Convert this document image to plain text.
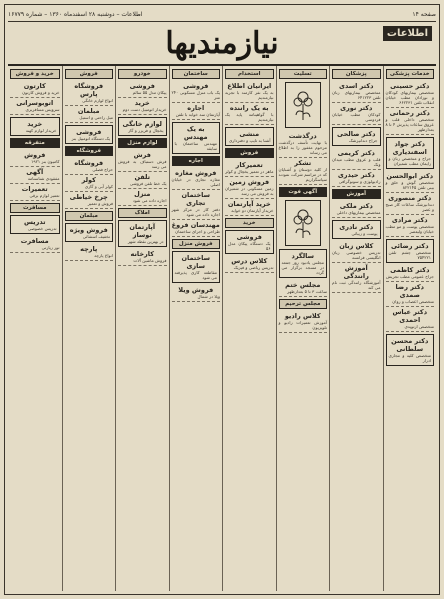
صفحه ۱۴
اطلاعات – دوشنبه ۲۸ اسفندماه ۱۳۶۰ – شماره ۱۶۷۷۹
اطلاعات
نیازمندیها
خدمات پزشکی
دکتر حسینی
متخصص بیماریهای کودکان و نوزادان مطب خیابان انقلاب تلفن ۶۶۲۲۳۱
دکتر رحمانی
متخصص داخلی قلب و عروق ساعات پذیرش ۴ تا ۸ بعدازظهر
دکتر جواد اسفندیاری
جراح و متخصص زنان و زایمان مطب شمیران
دکتر ابوالحسن
متخصص گوش و حلق و بینی تلفن ۸۲۲۱۴۵
دکتر منصوری
دندانپزشک ساعات کار صبح و عصر
دکتر مرادی
متخصص پوست و مو مطب خیابان ولیعصر
دکتر رضائی
متخصص چشم تلفن ۷۵۴۲۲۱
دکتر کاظمی
جراح عمومی مطب تجریش
دکتر رضا صمدی
متخصص اعصاب و روان
دکتر عباس احمدی
متخصص ارتوپدی
دکتر محسن سلطانی
متخصص کلیه و مجاری ادرار
پزشکان
دکتر اسدی
متخصص بیماریهای زنان تلفن ۶۴۱۲۲۳
دکتر نوری
کودکان مطب خیابان فردوسی
دکتر صالحی
جراح دندانپزشک
دکتر کریمی
قلب و عروق مطب میدان ونک
دکتر حیدری
رادیولوژی و سونوگرافی
آموزش
دکتر ملکی
متخصص بیماریهای داخلی
دکتر نادری
پوست و زیبائی
کلاس زبان
تدریس خصوصی زبان انگلیسی فرانسه
آموزش رانندگی
آموزشگاه رانندگی ثبت نام می کند
تسلیت
درگذشت
با نهایت تأسف درگذشت مرحوم مغفور را به اطلاع می رساند
تشکر
از کلیه دوستان و آشنایان که در مراسم شرکت نمودند سپاسگزاریم
آگهی فوت
سالگرد
مجلس یادبود روز جمعه در مسجد برگزار می گردد
مجلس ختم
ساعت ۳ تا ۵ بعدازظهر
مجلس ترحیم
کلاس رادیو
آموزش تعمیرات رادیو و تلویزیون
استخدام
ایرانیان اطلاع
به یک نفر کارمند با تجربه نیازمندیم
به یک راننده
با گواهینامه پایه یک نیازمندیم
منشی
آشنا به تایپ و دفترداری
فروش
تعمیرکار
ماهر در تعمیر یخچال و کولر
فروش زمین
زمین مسکونی در شمیران به فروش می رسد
خرید آپارتمان
خریدار آپارتمان دو خوابه
خرید
فروشی
یک دستگاه پیکان مدل ۵۶
کلاس درس
تدریس ریاضی و فیزیک
ساختمان
فروشی
یک باب منزل مسکونی ۲۴۰ متر
اجاره
آپارتمان سه خوابه با تلفن
به یک مهندس
مهندس ساختمان با سابقه
اجاره
فروش مغازه
مغازه تجاری در خیابان اصلی
ساختمان تجاری
دفتر کار در مرکز شهر اجاره داده می شود
مهندسان فروغ
طراحی و اجرای ساختمان
فروش منزل
ساختمان سازی
مقاطعه کاری پذیرفته می شود
فروش ویلا
ویلا در شمال
خودرو
فروشی
پیکان مدل ۵۵ سالم
خرید
خریدار اتومبیل دست دوم
لوازم خانگی
یخچال و فریزر و گاز
لوازم منزل
فرش
فرش دستباف به فروش می رسد
تلفن
یک خط تلفن فروشی
منزل
اجاره داده می شود
املاک
آپارتمان نوساز
در بهترین نقطه شهر
کارخانه
فروش ماشین آلات
فروش
فروشگاه پارس
انواع لوازم خانگی
مبلمان
مبل راحتی و استیل
فروشی
یک دستگاه اتومبیل بنز
فروشگاه
فروشگاه
حراج فصلی
کولر
کولر آبی و گازی
چرخ خیاطی
فروش و تعمیر
مبلمان
فروش ویژه
تخفیف استثنائی
پارچه
انواع پارچه
خرید و فروش
کارتون
خرید و فروش کارتون
اتوبوسرانی
سرویس مسافربری
خرید
خریدار لوازم کهنه
متفرقه
فروش
کامیون بنز ۱۹۲۱
آگهی
مفقودی شناسنامه
تعمیرات
تعمیر لوازم برقی
مسافرت
تدریس
تدریس خصوصی
مسافرت
تور زیارتی
